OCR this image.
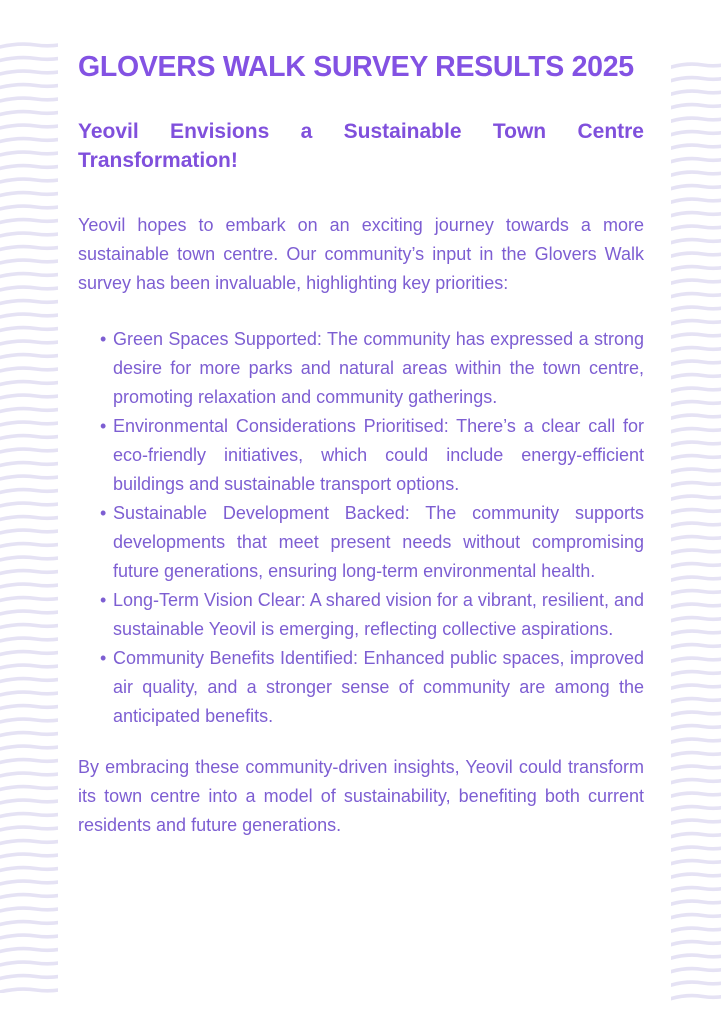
GLOVERS WALK SURVEY RESULTS 2025
Yeovil Envisions a Sustainable Town Centre Transformation!

Yeovil hopes to embark on an exciting journey towards a more sustainable town centre. Our community’s input in the Glovers Walk survey has been invaluable, highlighting key priorities:

• Green Spaces Supported: The community has expressed a strong desire for more parks and natural areas within the town centre, promoting relaxation and community gatherings.
• Environmental Considerations Prioritised: There’s a clear call for eco-friendly initiatives, which could include energy-efficient buildings and sustainable transport options.
• Sustainable Development Backed: The community supports developments that meet present needs without compromising future generations, ensuring long-term environmental health.
• Long-Term Vision Clear: A shared vision for a vibrant, resilient, and sustainable Yeovil is emerging, reflecting collective aspirations.
• Community Benefits Identified: Enhanced public spaces, improved air quality, and a stronger sense of community are among the anticipated benefits.

By embracing these community-driven insights, Yeovil could transform its town centre into a model of sustainability, benefiting both current residents and future generations.
